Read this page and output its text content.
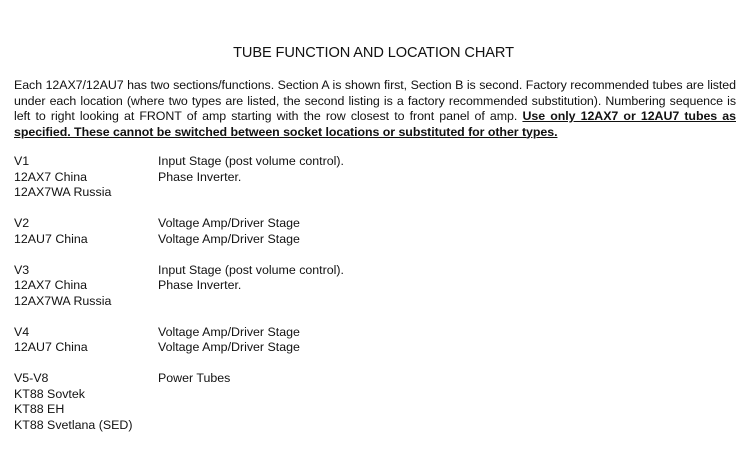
TUBE FUNCTION AND LOCATION CHART
Each 12AX7/12AU7 has two sections/functions. Section A is shown first, Section B is second. Factory recommended tubes are listed under each location (where two types are listed, the second listing is a factory recommended substitution). Numbering sequence is left to right looking at FRONT of amp starting with the row closest to front panel of amp. Use only 12AX7 or 12AU7 tubes as specified. These cannot be switched between socket locations or substituted for other types.
V1
12AX7 China
12AX7WA Russia
Input Stage (post volume control).
Phase Inverter.
V2
12AU7 China
Voltage Amp/Driver Stage
Voltage Amp/Driver Stage
V3
12AX7 China
12AX7WA Russia
Input Stage (post volume control).
Phase Inverter.
V4
12AU7 China
Voltage Amp/Driver Stage
Voltage Amp/Driver Stage
V5-V8
KT88 Sovtek
KT88 EH
KT88 Svetlana (SED)
Power Tubes
